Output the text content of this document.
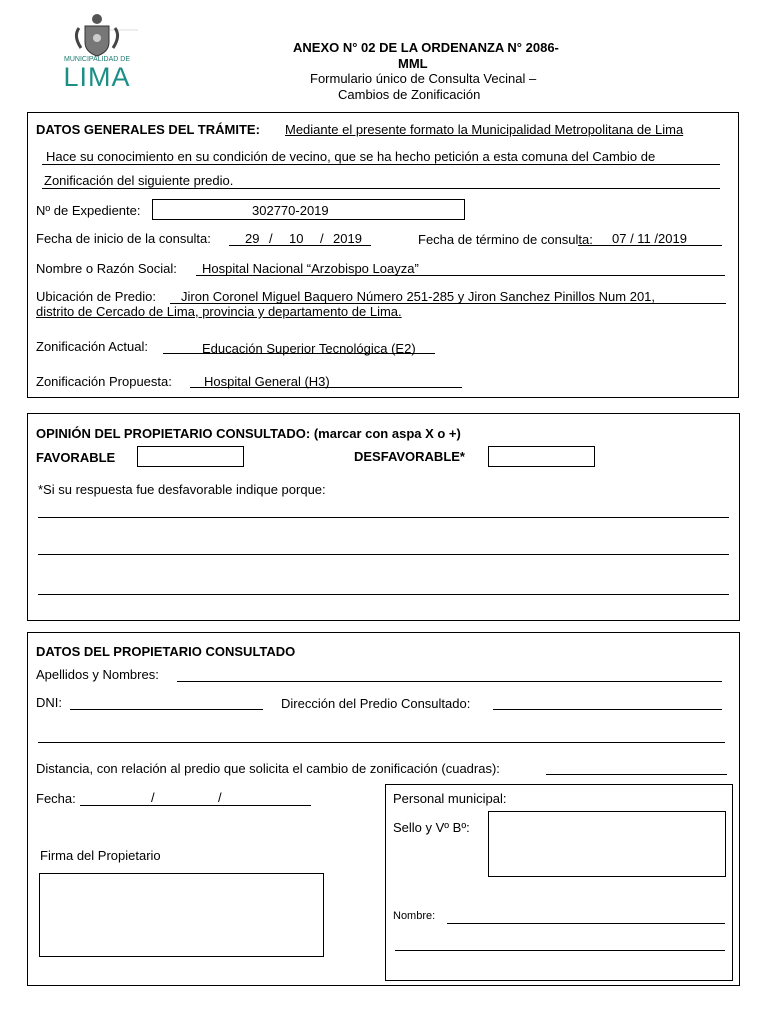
MUNICIPALIDAD DE
LIMA
ANEXO N° 02 DE LA ORDENANZA N° 2086-
MML
Formulario único de Consulta Vecinal –
Cambios de Zonificación
DATOS GENERALES DEL TRÁMITE: Mediante el presente formato la Municipalidad Metropolitana de Lima
Hace su conocimiento en su condición de vecino, que se ha hecho petición a esta comuna del Cambio de
Zonificación del siguiente predio.
Nº de Expediente:	302770-2019
Fecha de inicio de la consulta:	29 / 10 / 2019	Fecha de término de consulta: 07 / 11 /2019
Nombre o Razón Social: Hospital Nacional “Arzobispo Loayza”
Ubicación de Predio: Jiron Coronel Miguel Baquero Número 251-285 y Jiron Sanchez Pinillos Num 201,
distrito de Cercado de Lima, provincia y departamento de Lima.
Zonificación Actual:	Educación Superior Tecnológica (E2)
Zonificación Propuesta: Hospital General (H3)
OPINIÓN DEL PROPIETARIO CONSULTADO: (marcar con aspa X o +)
FAVORABLE	DESFAVORABLE*
*Si su respuesta fue desfavorable indique porque:
DATOS DEL PROPIETARIO CONSULTADO
Apellidos y Nombres:
DNI:	Dirección del Predio Consultado:
Distancia, con relación al predio que solicita el cambio de zonificación (cuadras):
Fecha:	/	/
Firma del Propietario
Personal municipal:
Sello y Vº Bº:
Nombre:
